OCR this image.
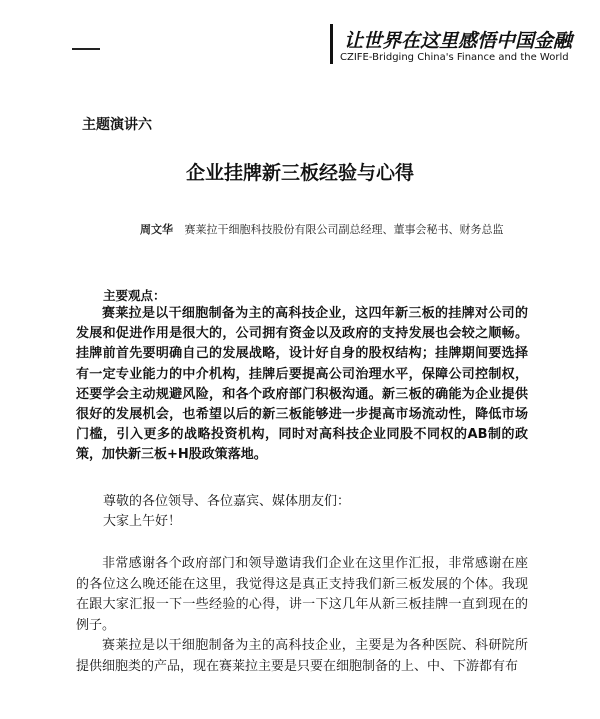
让世界在这里感悟中国金融
CZIFE-Bridging China's Finance and the World
主题演讲六
企业挂牌新三板经验与心得
周文华 赛莱拉干细胞科技股份有限公司副总经理、董事会秘书、财务总监
主要观点：

赛莱拉是以干细胞制备为主的高科技企业，这四年新三板的挂牌对公司的发展和促进作用是很大的，公司拥有资金以及政府的支持发展也会较之顺畅。挂牌前首先要明确自己的发展战略，设计好自身的股权结构；挂牌期间要选择有一定专业能力的中介机构，挂牌后要提高公司治理水平，保障公司控制权，还要学会主动规避风险，和各个政府部门积极沟通。新三板的确能为企业提供很好的发展机会，也希望以后的新三板能够进一步提高市场流动性，降低市场门槛，引入更多的战略投资机构，同时对高科技企业同股不同权的AB制的政策，加快新三板+H股政策落地。

尊敬的各位领导、各位嘉宾、媒体朋友们：
大家上午好！

非常感谢各个政府部门和领导邀请我们企业在这里作汇报，非常感谢在座的各位这么晚还能在这里，我觉得这是真正支持我们新三板发展的个体。我现在跟大家汇报一下一些经验的心得，讲一下这几年从新三板挂牌一直到现在的例子。

赛莱拉是以干细胞制备为主的高科技企业，主要是为各种医院、科研院所提供细胞类的产品，现在赛莱拉主要是只要在细胞制备的上、中、下游都有布
